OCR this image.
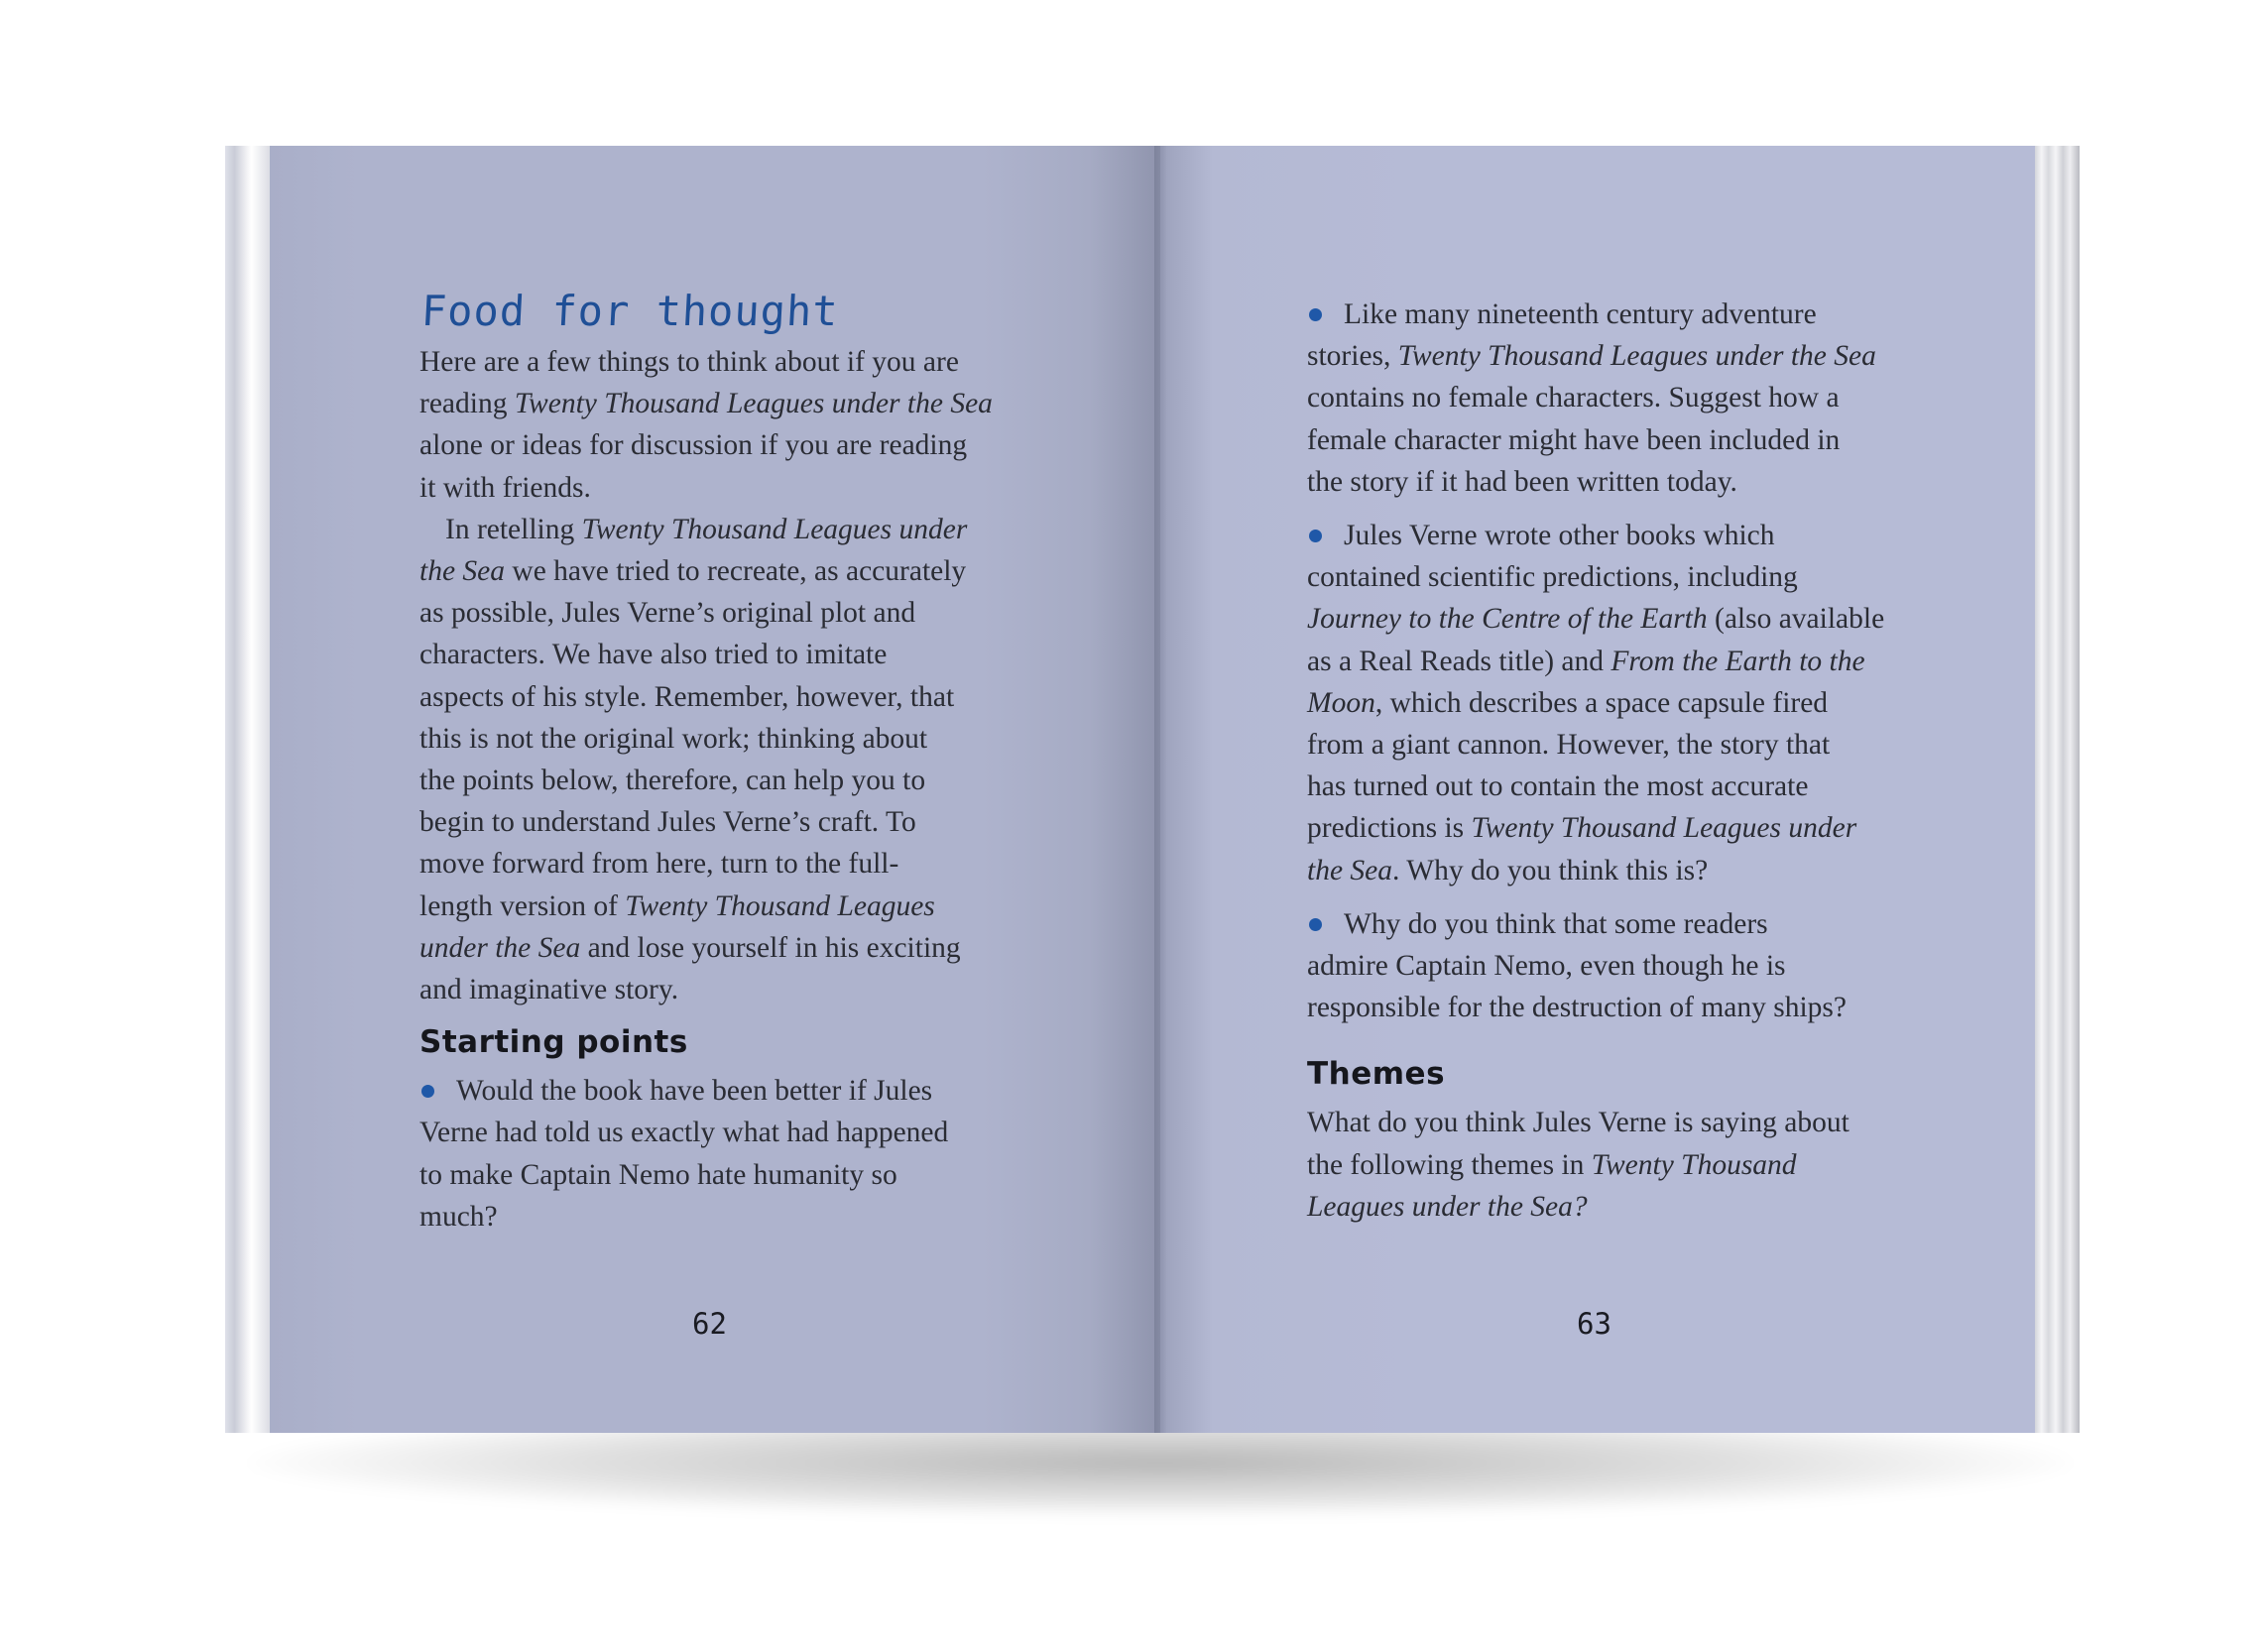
Food for thought

Here are a few things to think about if you are
reading Twenty Thousand Leagues under the Sea
alone or ideas for discussion if you are reading
it with friends.

In retelling Twenty Thousand Leagues under
the Sea we have tried to recreate, as accurately
as possible, Jules Verne’s original plot and
characters. We have also tried to imitate
aspects of his style. Remember, however, that
this is not the original work; thinking about
the points below, therefore, can help you to
begin to understand Jules Verne’s craft. To
move forward from here, turn to the full-
length version of Twenty Thousand Leagues
under the Sea and lose yourself in his exciting
and imaginative story.

Starting points

Would the book have been better if Jules
Verne had told us exactly what had happened
to make Captain Nemo hate humanity so
much?

62

Like many nineteenth century adventure
stories, Twenty Thousand Leagues under the Sea
contains no female characters. Suggest how a
female character might have been included in
the story if it had been written today.

Jules Verne wrote other books which
contained scientific predictions, including
Journey to the Centre of the Earth (also available
as a Real Reads title) and From the Earth to the
Moon, which describes a space capsule fired
from a giant cannon. However, the story that
has turned out to contain the most accurate
predictions is Twenty Thousand Leagues under
the Sea. Why do you think this is?

Why do you think that some readers
admire Captain Nemo, even though he is
responsible for the destruction of many ships?

Themes

What do you think Jules Verne is saying about
the following themes in Twenty Thousand
Leagues under the Sea?

63
